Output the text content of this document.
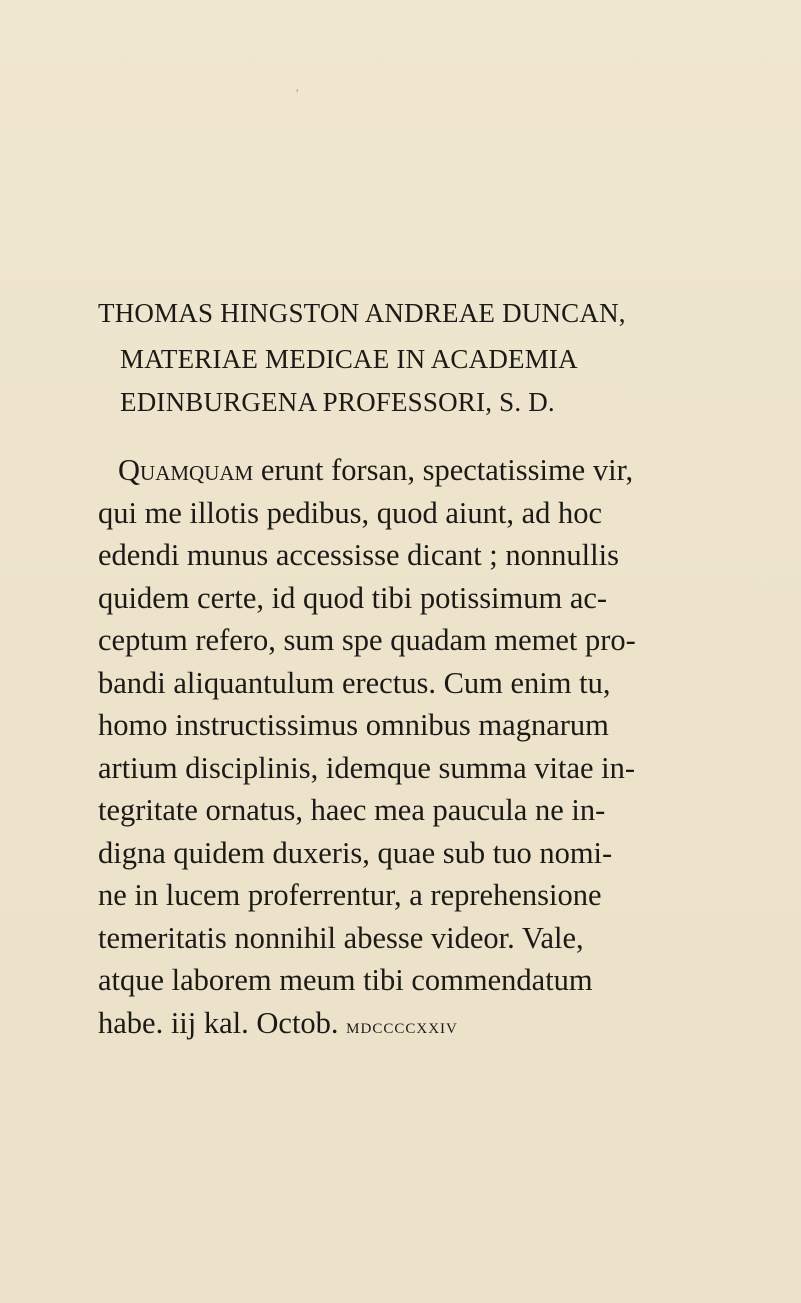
′
THOMAS HINGSTON ANDREAE DUNCAN,
MATERIAE MEDICAE IN ACADEMIA
EDINBURGENA PROFESSORI, S. D.
Quamquam erunt forsan, spectatissime vir,
qui me illotis pedibus, quod aiunt, ad hoc
edendi munus accessisse dicant ; nonnullis
quidem certe, id quod tibi potissimum ac-
ceptum refero, sum spe quadam memet pro-
bandi aliquantulum erectus. Cum enim tu,
homo instructissimus omnibus magnarum
artium disciplinis, idemque summa vitae in-
tegritate ornatus, haec mea paucula ne in-
digna quidem duxeris, quae sub tuo nomi-
ne in lucem proferrentur, a reprehensione
temeritatis nonnihil abesse videor. Vale,
atque laborem meum tibi commendatum
habe. iij kal. Octob. mdccccxxiv
